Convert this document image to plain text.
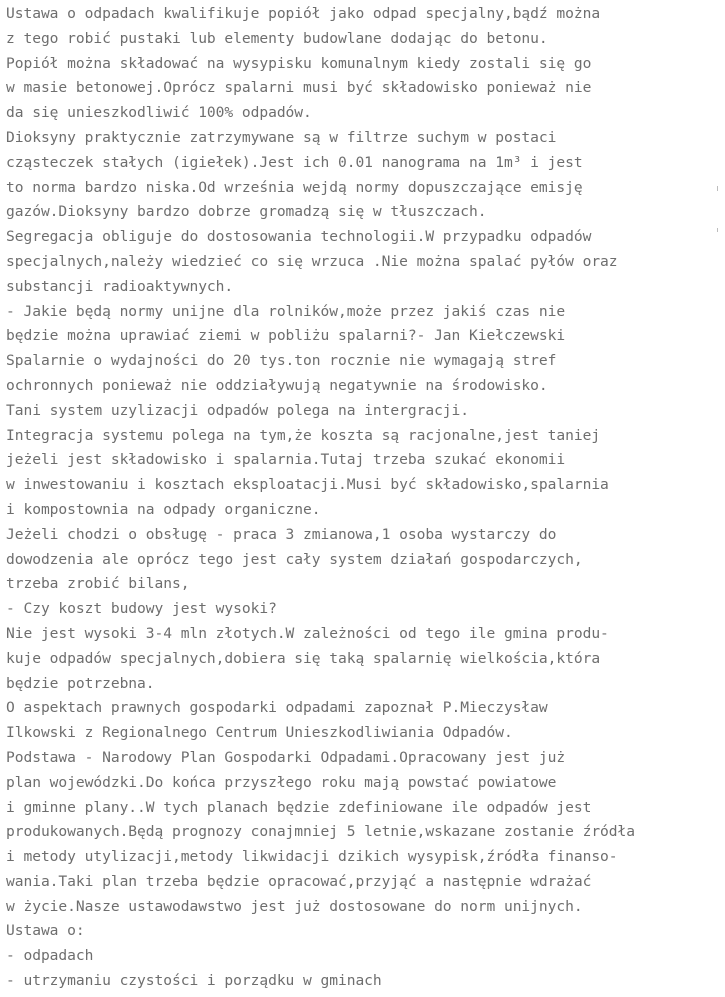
Ustawa o odpadach kwalifikuje popiół jako odpad specjalny,bądź można
z tego robić pustaki lub elementy budowlane dodając do betonu.
Popiół można składować na wysypisku komunalnym kiedy zostali się go
w masie betonowej.Oprócz spalarni musi być składowisko ponieważ nie
da się unieszkodliwić 100% odpadów.
Dioksyny praktycznie zatrzymywane są w filtrze suchym w postaci
cząsteczek stałych (igiełek).Jest ich 0.01 nanograma na 1m³ i jest
to norma bardzo niska.Od września wejdą normy dopuszczające emisję
gazów.Dioksyny bardzo dobrze gromadzą się w tłuszczach.
Segregacja obliguje do dostosowania technologii.W przypadku odpadów
specjalnych,należy wiedzieć co się wrzuca .Nie można spalać pyłów oraz
substancji radioaktywnych.
- Jakie będą normy unijne dla rolników,może przez jakiś czas nie
będzie można uprawiać ziemi w pobliżu spalarni?- Jan Kiełczewski
Spalarnie o wydajności do 20 tys.ton rocznie nie wymagają stref
ochronnych ponieważ nie oddziaływują negatywnie na środowisko.
Tani system uzylizacji odpadów polega na intergracji.
Integracja systemu polega na tym,że koszta są racjonalne,jest taniej
jeżeli jest składowisko i spalarnia.Tutaj trzeba szukać ekonomii
w inwestowaniu i kosztach eksploatacji.Musi być składowisko,spalarnia
i kompostownia na odpady organiczne.
Jeżeli chodzi o obsługę - praca 3 zmianowa,1 osoba wystarczy do
dowodzenia ale oprócz tego jest cały system działań gospodarczych,
trzeba zrobić bilans,
- Czy koszt budowy jest wysoki?
Nie jest wysoki 3-4 mln złotych.W zależności od tego ile gmina produ-
kuje odpadów specjalnych,dobiera się taką spalarnię wielkościa,która
będzie potrzebna.
O aspektach prawnych gospodarki odpadami zapoznał P.Mieczysław
Ilkowski z Regionalnego Centrum Unieszkodliwiania Odpadów.
Podstawa - Narodowy Plan Gospodarki Odpadami.Opracowany jest już
plan wojewódzki.Do końca przyszłego roku mają powstać powiatowe
i gminne plany..W tych planach będzie zdefiniowane ile odpadów jest
produkowanych.Będą prognozy conajmniej 5 letnie,wskazane zostanie źródła
i metody utylizacji,metody likwidacji dzikich wysypisk,źródła finanso-
wania.Taki plan trzeba będzie opracować,przyjąć a następnie wdrażać
w życie.Nasze ustawodawstwo jest już dostosowane do norm unijnych.
Ustawa o:
- odpadach
- utrzymaniu czystości i porządku w gminach
